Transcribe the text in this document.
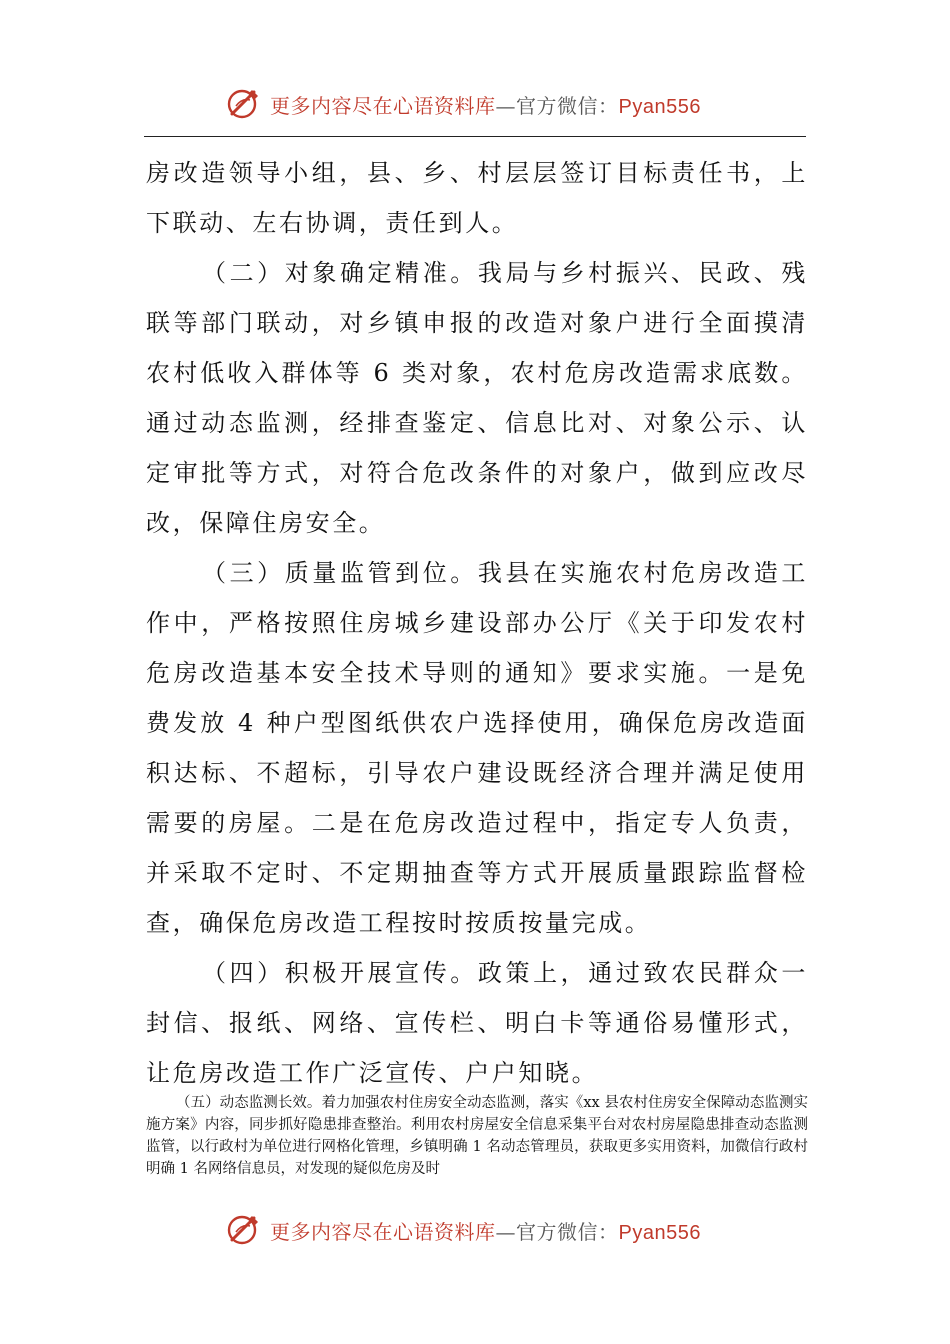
更多内容尽在心语资料库—官方微信：Pyan556

房改造领导小组，县、乡、村层层签订目标责任书，上下联动、左右协调，责任到人。

（二）对象确定精准。我局与乡村振兴、民政、残联等部门联动，对乡镇申报的改造对象户进行全面摸清农村低收入群体等 6 类对象，农村危房改造需求底数。通过动态监测，经排查鉴定、信息比对、对象公示、认定审批等方式，对符合危改条件的对象户，做到应改尽改，保障住房安全。

（三）质量监管到位。我县在实施农村危房改造工作中，严格按照住房城乡建设部办公厅《关于印发农村危房改造基本安全技术导则的通知》要求实施。一是免费发放 4 种户型图纸供农户选择使用，确保危房改造面积达标、不超标，引导农户建设既经济合理并满足使用需要的房屋。二是在危房改造过程中，指定专人负责，并采取不定时、不定期抽查等方式开展质量跟踪监督检查，确保危房改造工程按时按质按量完成。

（四）积极开展宣传。政策上，通过致农民群众一封信、报纸、网络、宣传栏、明白卡等通俗易懂形式，让危房改造工作广泛宣传、户户知晓。

（五）动态监测长效。着力加强农村住房安全动态监测，落实《xx 县农村住房安全保障动态监测实施方案》内容，同步抓好隐患排查整治。利用农村房屋安全信息采集平台对农村房屋隐患排查动态监测监管，以行政村为单位进行网格化管理，乡镇明确 1 名动态管理员，获取更多实用资料，加微信行政村明确 1 名网络信息员，对发现的疑似危房及时

更多内容尽在心语资料库—官方微信：Pyan556
